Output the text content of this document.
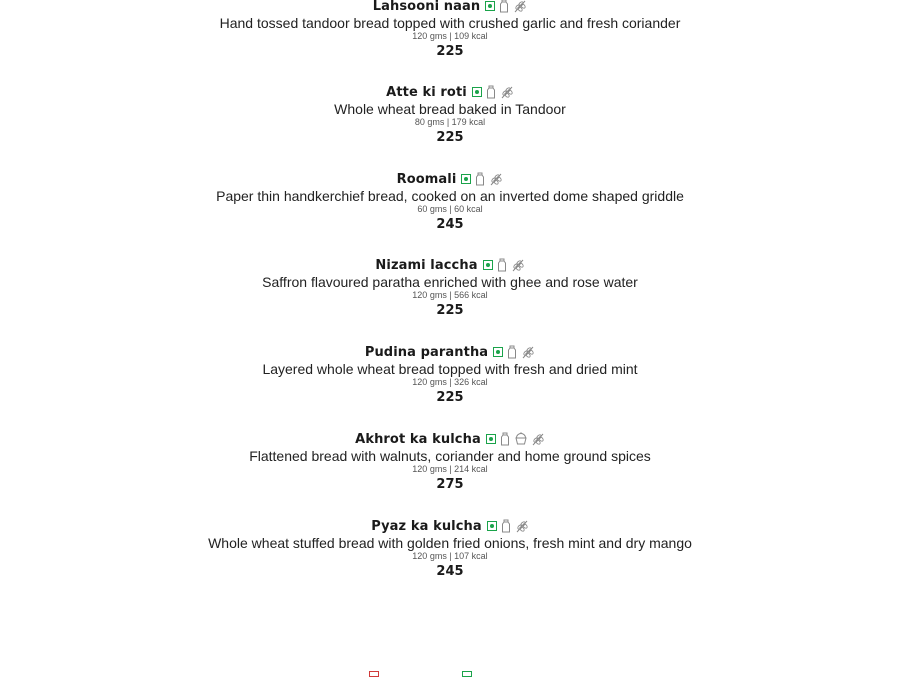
Lahsooni naan
Hand tossed tandoor bread topped with crushed garlic and fresh coriander
120 gms | 109 kcal
225
Atte ki roti
Whole wheat bread baked in Tandoor
80 gms | 179 kcal
225
Roomali
Paper thin handkerchief bread, cooked on an inverted dome shaped griddle
60 gms | 60 kcal
245
Nizami laccha
Saffron flavoured paratha enriched with ghee and rose water
120 gms | 566 kcal
225
Pudina parantha
Layered whole wheat bread topped with fresh and dried mint
120 gms | 326 kcal
225
Akhrot ka kulcha
Flattened bread with walnuts, coriander and home ground spices
120 gms | 214 kcal
275
Pyaz ka kulcha
Whole wheat stuffed bread with golden fried onions, fresh mint and dry mango
120 gms | 107 kcal
245
